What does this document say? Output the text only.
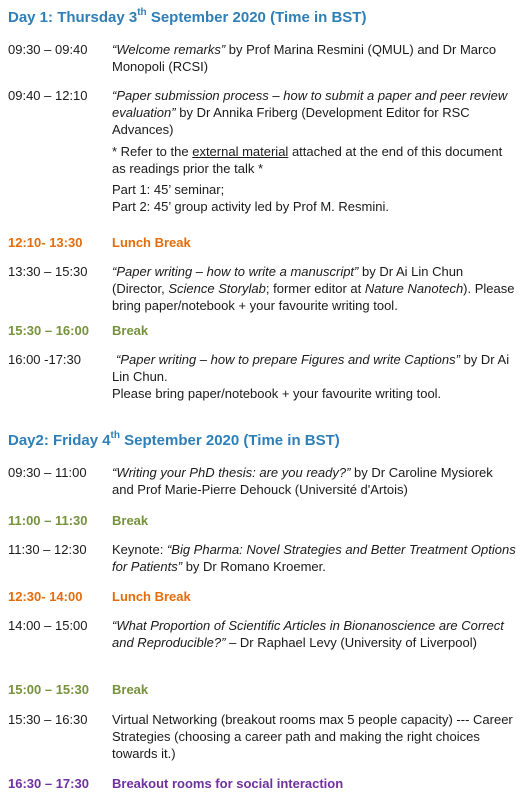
Day 1: Thursday 3th September 2020 (Time in BST)
09:30 – 09:40	“Welcome remarks” by Prof Marina Resmini (QMUL) and Dr Marco Monopoli (RCSI)
09:40 – 12:10	“Paper submission process – how to submit a paper and peer review evaluation” by Dr Annika Friberg (Development Editor for RSC Advances)

* Refer to the external material attached at the end of this document as readings prior the talk *

Part 1: 45’ seminar;
Part 2: 45’ group activity led by Prof M. Resmini.

12:10- 13:30	Lunch Break
13:30 – 15:30	“Paper writing – how to write a manuscript” by Dr Ai Lin Chun (Director, Science Storylab; former editor at Nature Nanotech). Please bring paper/notebook + your favourite writing tool.
15:30 – 16:00	Break
16:00 -17:30	“Paper writing – how to prepare Figures and write Captions” by Dr Ai Lin Chun.
Please bring paper/notebook + your favourite writing tool.
Day2: Friday 4th September 2020 (Time in BST)
09:30 – 11:00	“Writing your PhD thesis: are you ready?” by Dr Caroline Mysiorek and Prof Marie-Pierre Dehouck (Université d'Artois)
11:00 – 11:30	Break
11:30 – 12:30	Keynote: “Big Pharma: Novel Strategies and Better Treatment Options for Patients” by Dr Romano Kroemer.
12:30- 14:00	Lunch Break
14:00 – 15:00	“What Proportion of Scientific Articles in Bionanoscience are Correct and Reproducible?” – Dr Raphael Levy (University of Liverpool)
15:00 – 15:30	Break
15:30 – 16:30	Virtual Networking (breakout rooms max 5 people capacity) --- Career Strategies (choosing a career path and making the right choices towards it.)
16:30 – 17:30	Breakout rooms for social interaction
